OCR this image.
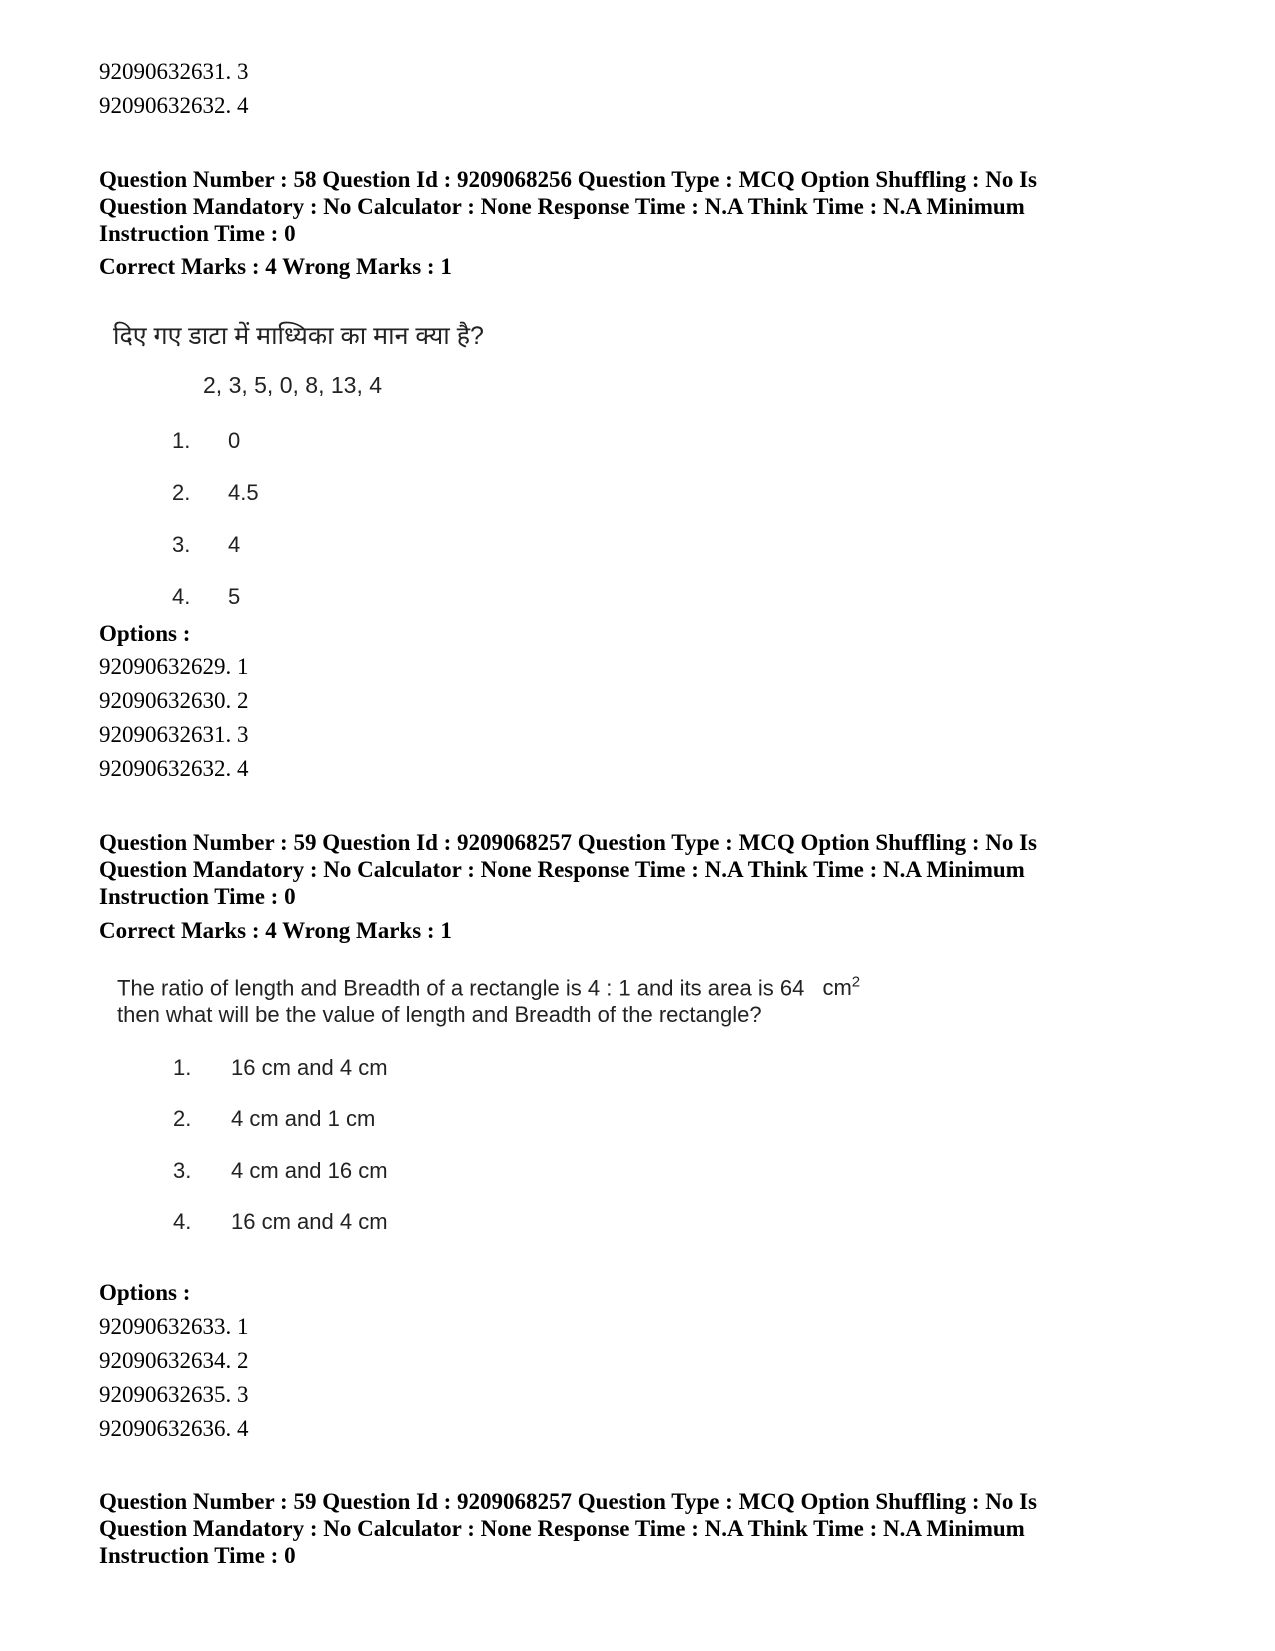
92090632631. 3
92090632632. 4
Question Number : 58 Question Id : 9209068256 Question Type : MCQ Option Shuffling : No Is
Question Mandatory : No Calculator : None Response Time : N.A Think Time : N.A Minimum
Instruction Time : 0
Correct Marks : 4 Wrong Marks : 1
दिए गए डाटा में माध्यिका का मान क्या है?
2, 3, 5, 0, 8, 13, 4
1. 0
2. 4.5
3. 4
4. 5
Options :
92090632629. 1
92090632630. 2
92090632631. 3
92090632632. 4
Question Number : 59 Question Id : 9209068257 Question Type : MCQ Option Shuffling : No Is
Question Mandatory : No Calculator : None Response Time : N.A Think Time : N.A Minimum
Instruction Time : 0
Correct Marks : 4 Wrong Marks : 1
The ratio of length and Breadth of a rectangle is 4 : 1 and its area is 64 $cm^2$
then what will be the value of length and Breadth of the rectangle?
1. 16 cm and 4 cm
2. 4 cm and 1 cm
3. 4 cm and 16 cm
4. 16 cm and 4 cm
Options :
92090632633. 1
92090632634. 2
92090632635. 3
92090632636. 4
Question Number : 59 Question Id : 9209068257 Question Type : MCQ Option Shuffling : No Is
Question Mandatory : No Calculator : None Response Time : N.A Think Time : N.A Minimum
Instruction Time : 0
